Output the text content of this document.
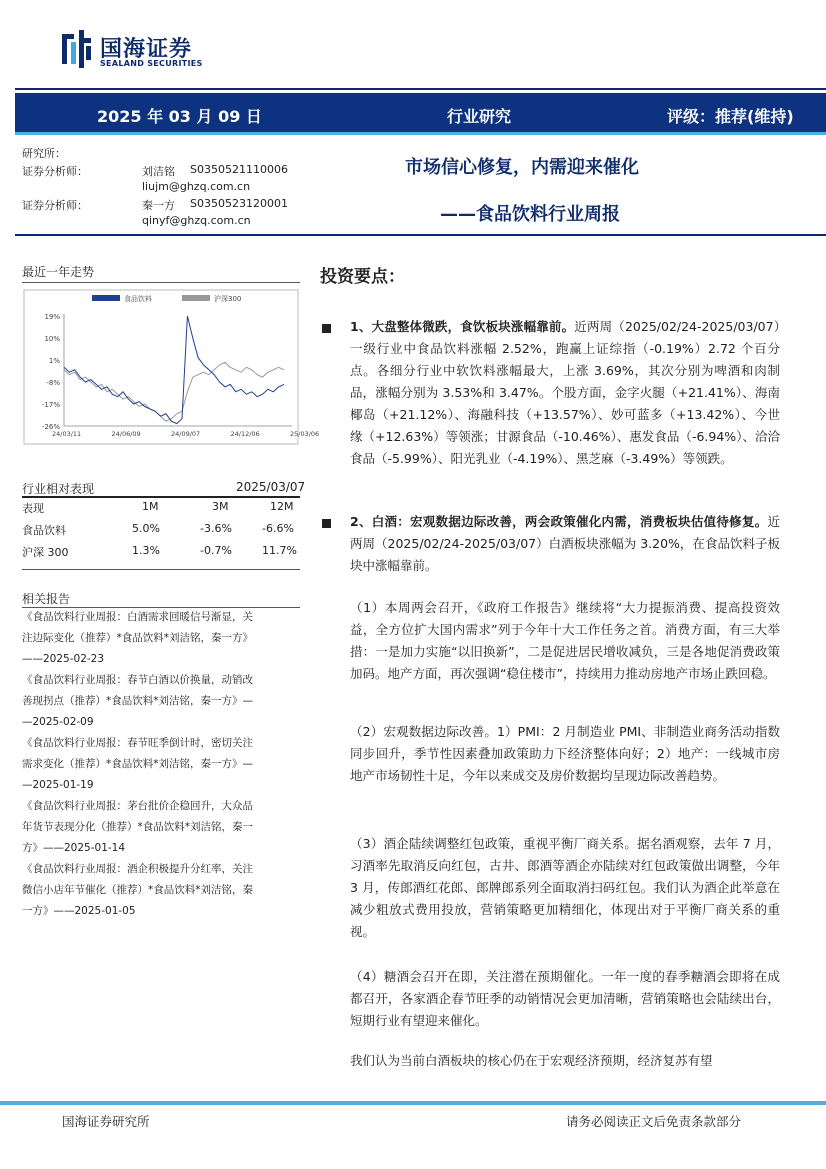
国海证券
SEALAND SECURITIES
2025 年 03 月 09 日	行业研究	评级：推荐(维持)
研究所：
证券分析师：	刘洁铭 S0350521110006
liujm@ghzq.com.cn
证券分析师：	秦一方 S0350523120001
qinyf@ghzq.com.cn
市场信心修复，内需迎来催化
——食品饮料行业周报
最近一年走势
食品饮料	沪深300
19%
10%
1%
-8%
-17%
-26%
24/03/11	24/06/09	24/09/07	24/12/06	25/03/06
行业相对表现	2025/03/07
表现	1M	3M	12M
食品饮料	5.0%	-3.6%	-6.6%
沪深 300	1.3%	-0.7%	11.7%
相关报告
《食品饮料行业周报：白酒需求回暖信号渐显，关
注边际变化（推荐）*食品饮料*刘洁铭，秦一方》
——2025-02-23
《食品饮料行业周报：春节白酒以价换量，动销改
善现拐点（推荐）*食品饮料*刘洁铭，秦一方》—
—2025-02-09
《食品饮料行业周报：春节旺季倒计时，密切关注
需求变化（推荐）*食品饮料*刘洁铭，秦一方》—
—2025-01-19
《食品饮料行业周报：茅台批价企稳回升，大众品
年货节表现分化（推荐）*食品饮料*刘洁铭，秦一
方》——2025-01-14
《食品饮料行业周报：酒企积极提升分红率，关注
微信小店年节催化（推荐）*食品饮料*刘洁铭，秦
一方》——2025-01-05
投资要点：
1、大盘整体微跌，食饮板块涨幅靠前。近两周（2025/02/24-2025/03/07）一级行业中食品饮料涨幅 2.52%，跑赢上证综指（-0.19%）2.72 个百分点。各细分行业中软饮料涨幅最大，上涨 3.69%，其次分别为啤酒和肉制品，涨幅分别为 3.53%和 3.47%。个股方面，金字火腿（+21.41%）、海南椰岛（+21.12%）、海融科技（+13.57%）、妙可蓝多（+13.42%）、今世缘（+12.63%）等领涨；甘源食品（-10.46%）、惠发食品（-6.94%）、洽洽食品（-5.99%）、阳光乳业（-4.19%）、黑芝麻（-3.49%）等领跌。
2、白酒：宏观数据边际改善，两会政策催化内需，消费板块估值待修复。近两周（2025/02/24-2025/03/07）白酒板块涨幅为 3.20%，在食品饮料子板块中涨幅靠前。
（1）本周两会召开，《政府工作报告》继续将“大力提振消费、提高投资效益，全方位扩大国内需求”列于今年十大工作任务之首。消费方面，有三大举措：一是加力实施“以旧换新”，二是促进居民增收减负，三是各地促消费政策加码。地产方面，再次强调“稳住楼市”，持续用力推动房地产市场止跌回稳。
（2）宏观数据边际改善。1）PMI：2 月制造业 PMI、非制造业商务活动指数同步回升，季节性因素叠加政策助力下经济整体向好；2）地产：一线城市房地产市场韧性十足，今年以来成交及房价数据均呈现边际改善趋势。
（3）酒企陆续调整红包政策，重视平衡厂商关系。据名酒观察，去年 7 月，习酒率先取消反向红包，古井、郎酒等酒企亦陆续对红包政策做出调整，今年 3 月，传郎酒红花郎、郎牌郎系列全面取消扫码红包。我们认为酒企此举意在减少粗放式费用投放，营销策略更加精细化，体现出对于平衡厂商关系的重视。
（4）糖酒会召开在即，关注潜在预期催化。一年一度的春季糖酒会即将在成都召开，各家酒企春节旺季的动销情况会更加清晰，营销策略也会陆续出台，短期行业有望迎来催化。
我们认为当前白酒板块的核心仍在于宏观经济预期，经济复苏有望
国海证券研究所	请务必阅读正文后免责条款部分
